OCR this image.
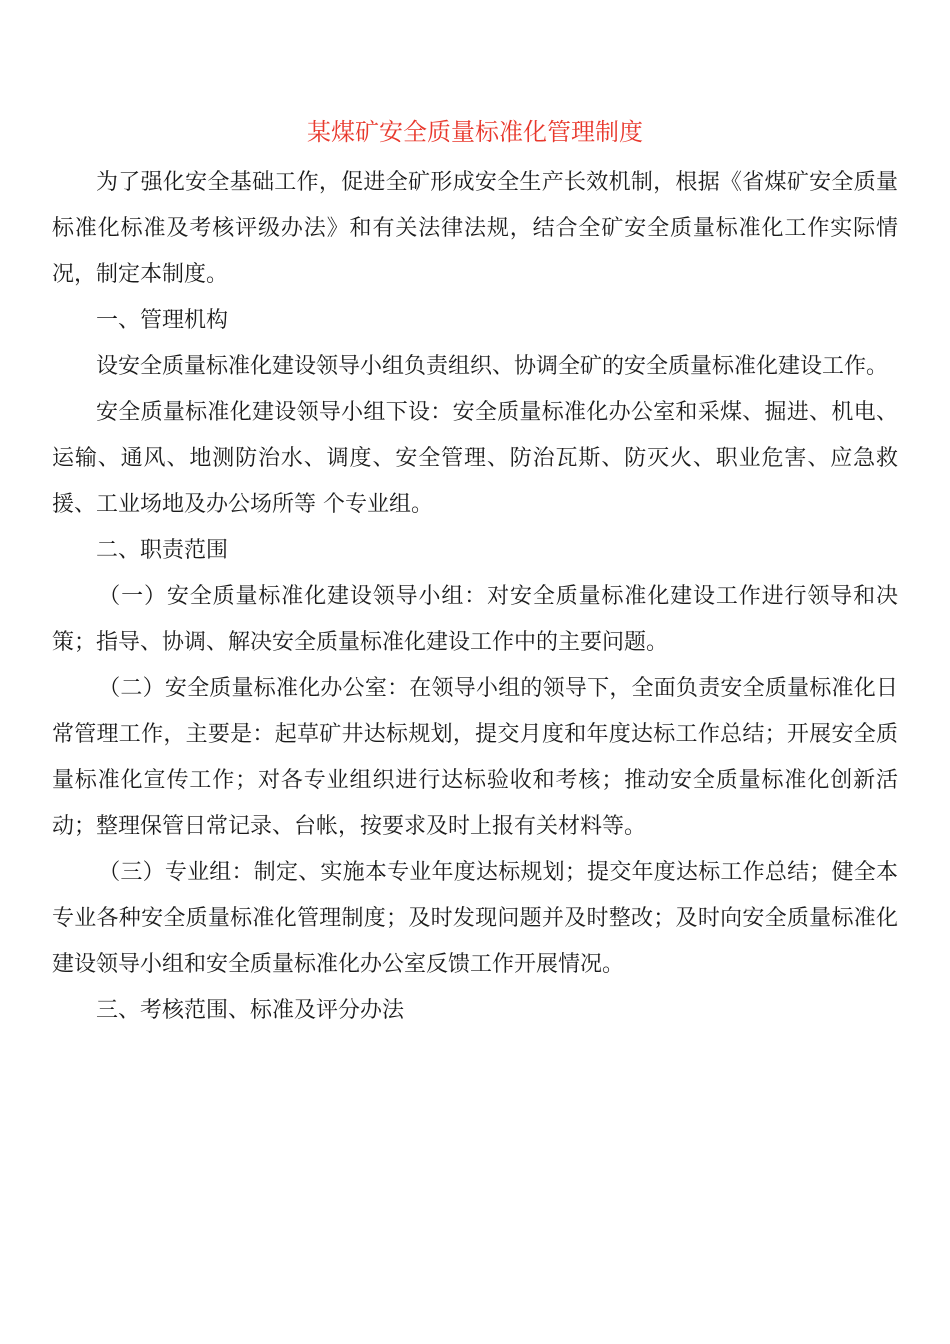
某煤矿安全质量标准化管理制度

为了强化安全基础工作，促进全矿形成安全生产长效机制，根据《省煤矿安全质量标准化标准及考核评级办法》和有关法律法规，结合全矿安全质量标准化工作实际情况，制定本制度。

一、管理机构

设安全质量标准化建设领导小组负责组织、协调全矿的安全质量标准化建设工作。

安全质量标准化建设领导小组下设：安全质量标准化办公室和采煤、掘进、机电、运输、通风、地测防治水、调度、安全管理、防治瓦斯、防灭火、职业危害、应急救援、工业场地及办公场所等 个专业组。

二、职责范围

（一）安全质量标准化建设领导小组：对安全质量标准化建设工作进行领导和决策；指导、协调、解决安全质量标准化建设工作中的主要问题。

（二）安全质量标准化办公室：在领导小组的领导下，全面负责安全质量标准化日常管理工作，主要是：起草矿井达标规划，提交月度和年度达标工作总结；开展安全质量标准化宣传工作；对各专业组织进行达标验收和考核；推动安全质量标准化创新活动；整理保管日常记录、台帐，按要求及时上报有关材料等。

（三）专业组：制定、实施本专业年度达标规划；提交年度达标工作总结；健全本专业各种安全质量标准化管理制度；及时发现问题并及时整改；及时向安全质量标准化建设领导小组和安全质量标准化办公室反馈工作开展情况。

三、考核范围、标准及评分办法
